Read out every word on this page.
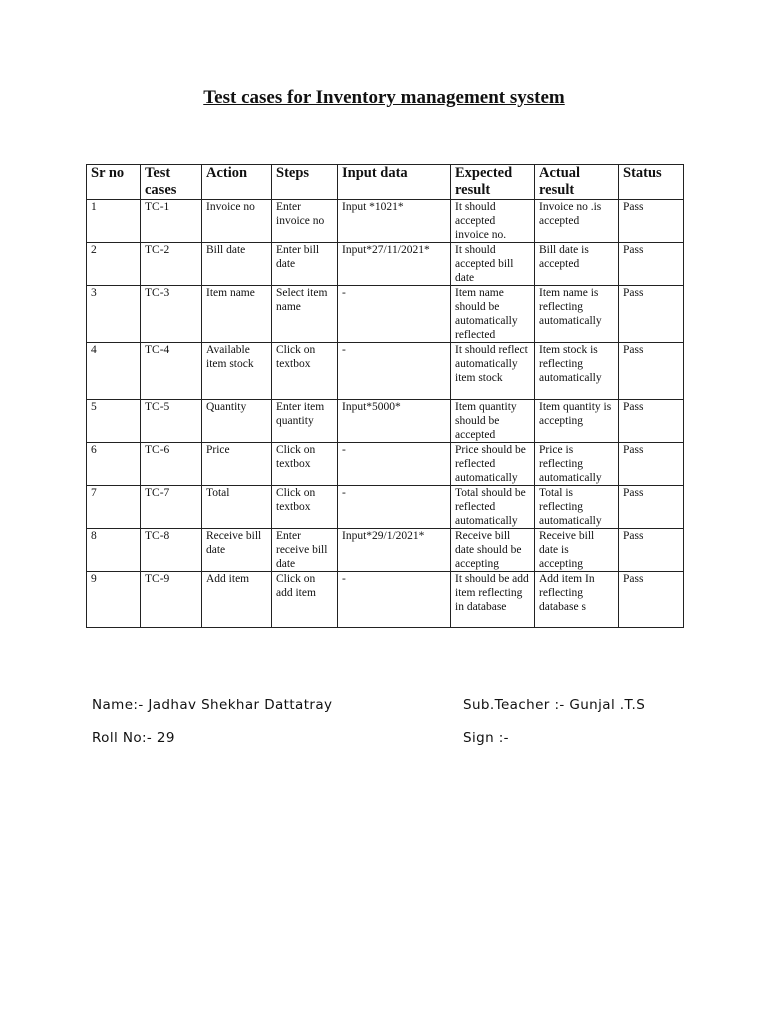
Test cases for Inventory management system
Sr no	Test cases	Action	Steps	Input data	Expected result	Actual result	Status
1	TC-1	Invoice no	Enter invoice no	Input *1021*	It should accepted invoice no.	Invoice no .is accepted	Pass
2	TC-2	Bill date	Enter bill date	Input*27/11/2021*	It should accepted bill date	Bill date is accepted	Pass
3	TC-3	Item name	Select item name	-	Item name should be automatically reflected	Item name is reflecting automatically	Pass
4	TC-4	Available item stock	Click on textbox	-	It should reflect automatically item stock	Item stock is reflecting automatically	Pass
5	TC-5	Quantity	Enter item quantity	Input*5000*	Item quantity should be accepted	Item quantity is accepting	Pass
6	TC-6	Price	Click on textbox	-	Price should be reflected automatically	Price is reflecting automatically	Pass
7	TC-7	Total	Click on textbox	-	Total should be reflected automatically	Total is reflecting automatically	Pass
8	TC-8	Receive bill date	Enter receive bill date	Input*29/1/2021*	Receive bill date should be accepting	Receive bill date is accepting	Pass
9	TC-9	Add item	Click on add item	-	It should be add item reflecting in database	Add item In reflecting database s	Pass
Name:- Jadhav Shekhar Dattatray	Sub.Teacher :- Gunjal .T.S
Roll No:- 29	Sign :-
